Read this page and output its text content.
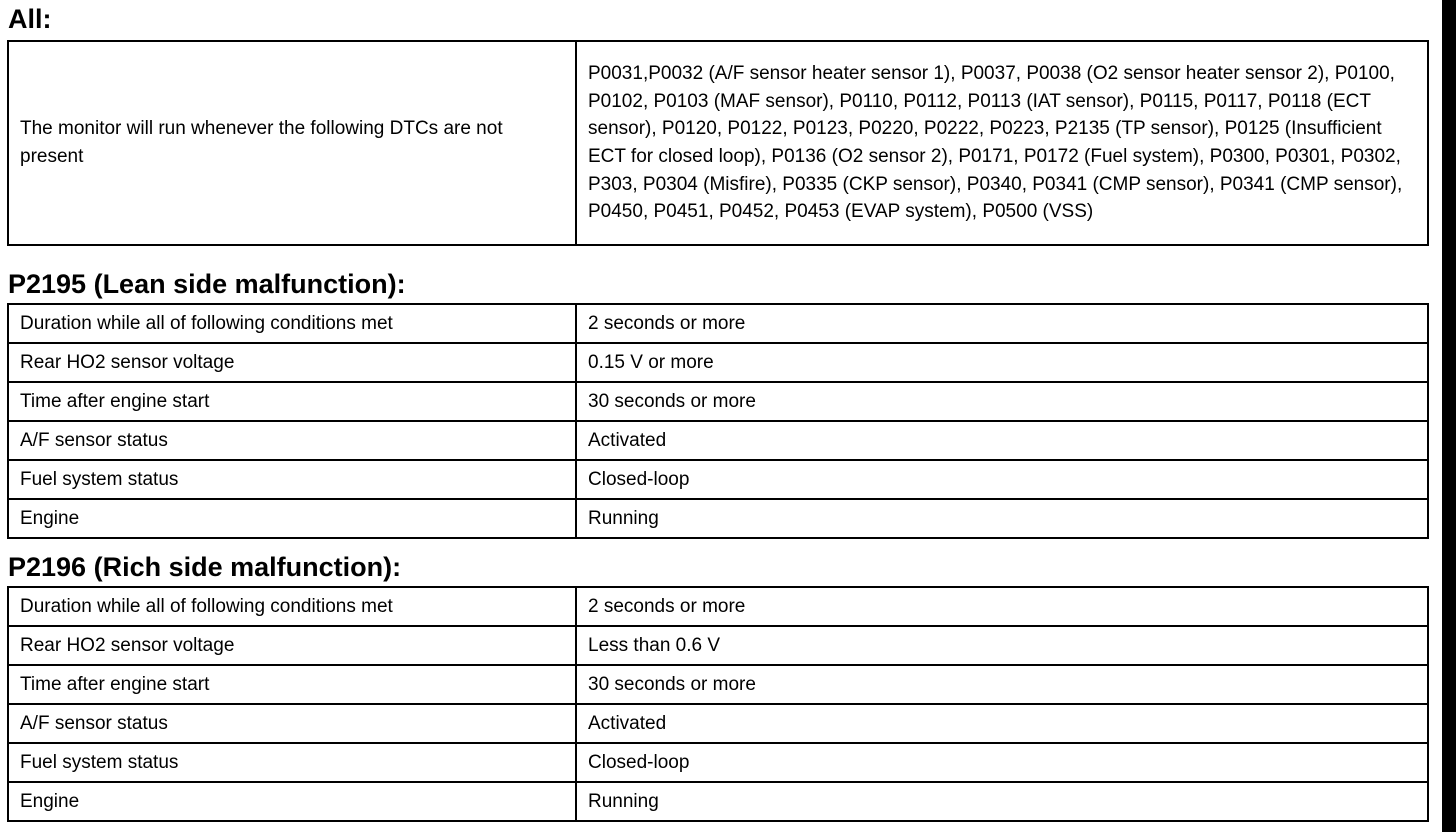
All:
The monitor will run whenever the following DTCs are not present	P0031,P0032 (A/F sensor heater sensor 1), P0037, P0038 (O2 sensor heater sensor 2), P0100, P0102, P0103 (MAF sensor), P0110, P0112, P0113 (IAT sensor), P0115, P0117, P0118 (ECT sensor), P0120, P0122, P0123, P0220, P0222, P0223, P2135 (TP sensor), P0125 (Insufficient ECT for closed loop), P0136 (O2 sensor 2), P0171, P0172 (Fuel system), P0300, P0301, P0302, P303, P0304 (Misfire), P0335 (CKP sensor), P0340, P0341 (CMP sensor), P0341 (CMP sensor), P0450, P0451, P0452, P0453 (EVAP system), P0500 (VSS)
P2195 (Lean side malfunction):
Duration while all of following conditions met	2 seconds or more
Rear HO2 sensor voltage	0.15 V or more
Time after engine start	30 seconds or more
A/F sensor status	Activated
Fuel system status	Closed-loop
Engine	Running
P2196 (Rich side malfunction):
Duration while all of following conditions met	2 seconds or more
Rear HO2 sensor voltage	Less than 0.6 V
Time after engine start	30 seconds or more
A/F sensor status	Activated
Fuel system status	Closed-loop
Engine	Running
